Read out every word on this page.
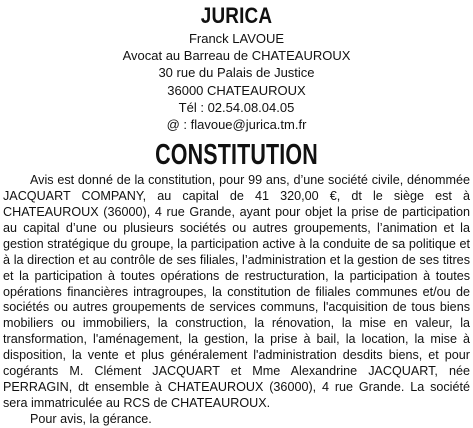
JURICA
Franck LAVOUE
Avocat au Barreau de CHATEAUROUX
30 rue du Palais de Justice
36000 CHATEAUROUX
Tél : 02.54.08.04.05
@ : flavoue@jurica.tm.fr
CONSTITUTION

Avis est donné de la constitution, pour 99 ans, d’une société civile, dénommée JACQUART COMPANY, au capital de 41 320,00 €, dt le siège est à CHATEAUROUX (36000), 4 rue Grande, ayant pour objet la prise de participation au capital d’une ou plusieurs sociétés ou autres groupements, l’animation et la gestion stratégique du groupe, la participation active à la conduite de sa politique et à la direction et au contrôle de ses filiales, l’administration et la gestion de ses titres et la participation à toutes opérations de restructuration, la participation à toutes opérations financières intragroupes, la constitution de filiales communes et/ou de sociétés ou autres groupements de services communs, l'acquisition de tous biens mobiliers ou immobiliers, la construction, la rénovation, la mise en valeur, la transformation, l'aménagement, la gestion, la prise à bail, la location, la mise à disposition, la vente et plus généralement l'administration desdits biens, et pour cogérants M. Clément JACQUART et Mme Alexandrine JACQUART, née PERRAGIN, dt ensemble à CHATEAUROUX (36000), 4 rue Grande. La société sera immatriculée au RCS de CHATEAUROUX.

Pour avis, la gérance.
